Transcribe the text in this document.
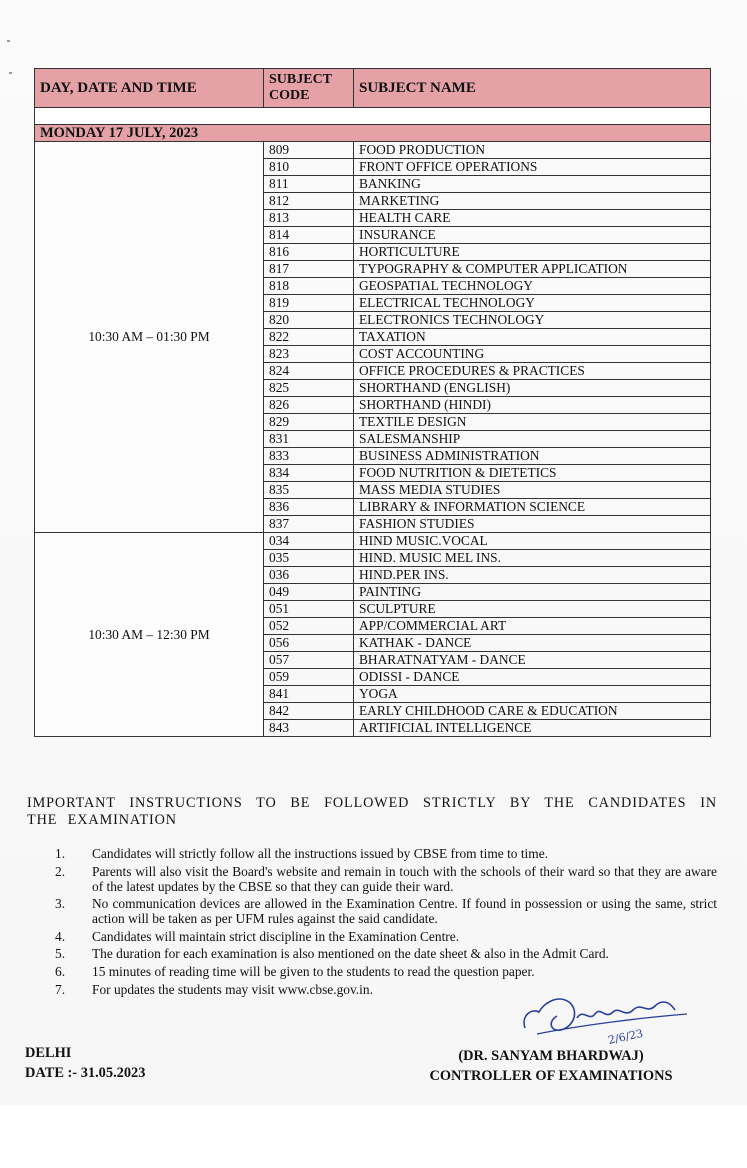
DAY, DATE AND TIME	SUBJECT CODE	SUBJECT NAME

MONDAY 17 JULY, 2023		
10:30 AM – 01:30 PM	809	FOOD PRODUCTION
	810	FRONT OFFICE OPERATIONS
	811	BANKING
	812	MARKETING
	813	HEALTH CARE
	814	INSURANCE
	816	HORTICULTURE
	817	TYPOGRAPHY & COMPUTER APPLICATION
	818	GEOSPATIAL TECHNOLOGY
	819	ELECTRICAL TECHNOLOGY
	820	ELECTRONICS TECHNOLOGY
	822	TAXATION
	823	COST ACCOUNTING
	824	OFFICE PROCEDURES & PRACTICES
	825	SHORTHAND (ENGLISH)
	826	SHORTHAND (HINDI)
	829	TEXTILE DESIGN
	831	SALESMANSHIP
	833	BUSINESS ADMINISTRATION
	834	FOOD NUTRITION & DIETETICS
	835	MASS MEDIA STUDIES
	836	LIBRARY & INFORMATION SCIENCE
	837	FASHION STUDIES
10:30 AM – 12:30 PM	034	HIND MUSIC.VOCAL
	035	HIND. MUSIC MEL INS.
	036	HIND.PER INS.
	049	PAINTING
	051	SCULPTURE
	052	APP/COMMERCIAL ART
	056	KATHAK - DANCE
	057	BHARATNATYAM - DANCE
	059	ODISSI - DANCE
	841	YOGA
	842	EARLY CHILDHOOD CARE & EDUCATION
	843	ARTIFICIAL INTELLIGENCE
IMPORTANT INSTRUCTIONS TO BE FOLLOWED STRICTLY BY THE CANDIDATES IN THE EXAMINATION
1. Candidates will strictly follow all the instructions issued by CBSE from time to time.
2. Parents will also visit the Board's website and remain in touch with the schools of their ward so that they are aware of the latest updates by the CBSE so that they can guide their ward.
3. No communication devices are allowed in the Examination Centre. If found in possession or using the same, strict action will be taken as per UFM rules against the said candidate.
4. Candidates will maintain strict discipline in the Examination Centre.
5. The duration for each examination is also mentioned on the date sheet & also in the Admit Card.
6. 15 minutes of reading time will be given to the students to read the question paper.
7. For updates the students may visit www.cbse.gov.in.
DELHI
DATE :- 31.05.2023
2/6/23
(DR. SANYAM BHARDWAJ)
CONTROLLER OF EXAMINATIONS
